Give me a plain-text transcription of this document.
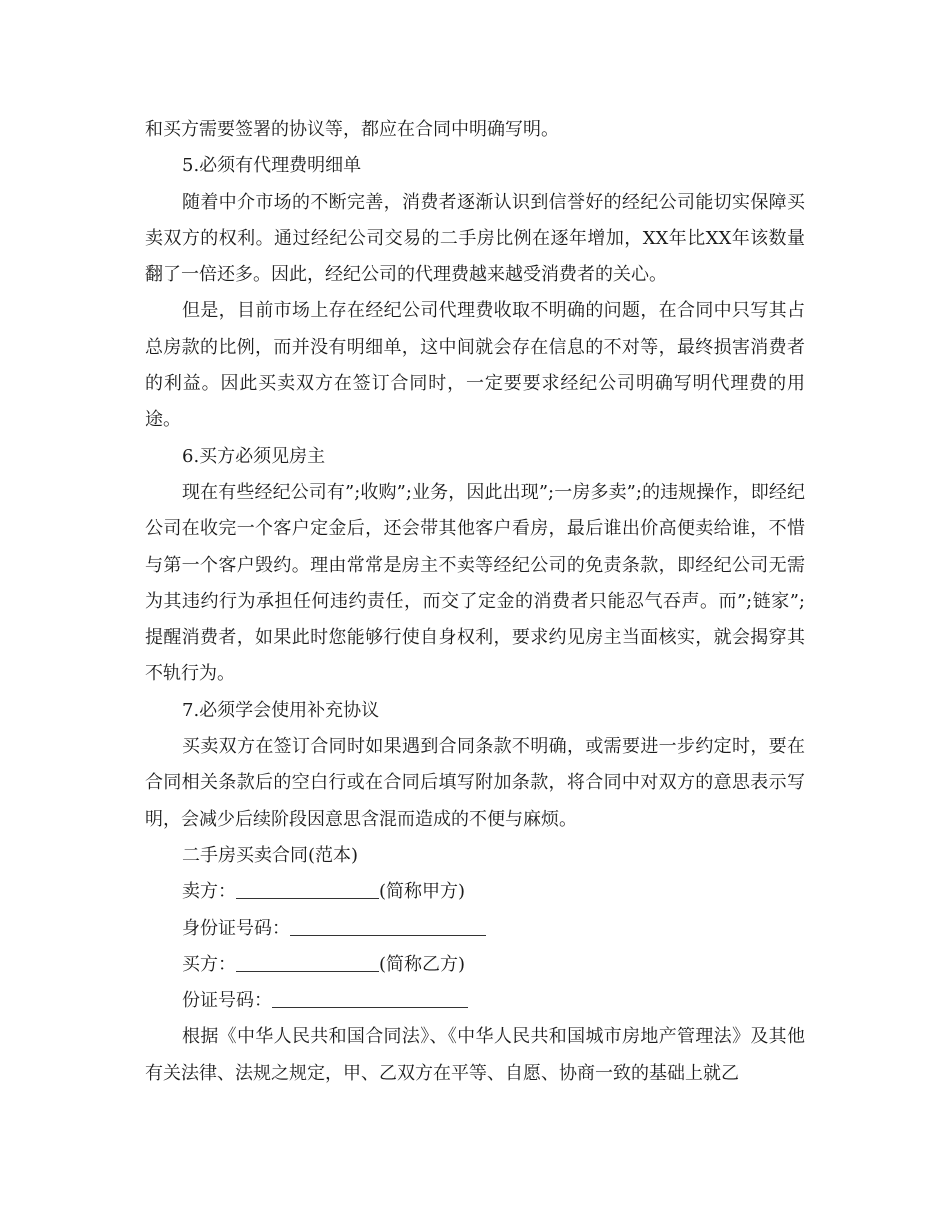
和买方需要签署的协议等，都应在合同中明确写明。

5.必须有代理费明细单

随着中介市场的不断完善，消费者逐渐认识到信誉好的经纪公司能切实保障买卖双方的权利。通过经纪公司交易的二手房比例在逐年增加，XX年比XX年该数量翻了一倍还多。因此，经纪公司的代理费越来越受消费者的关心。

但是，目前市场上存在经纪公司代理费收取不明确的问题，在合同中只写其占总房款的比例，而并没有明细单，这中间就会存在信息的不对等，最终损害消费者的利益。因此买卖双方在签订合同时，一定要要求经纪公司明确写明代理费的用途。

6.买方必须见房主

现在有些经纪公司有”;收购”;业务，因此出现”;一房多卖”;的违规操作，即经纪公司在收完一个客户定金后，还会带其他客户看房，最后谁出价高便卖给谁，不惜与第一个客户毁约。理由常常是房主不卖等经纪公司的免责条款，即经纪公司无需为其违约行为承担任何违约责任，而交了定金的消费者只能忍气吞声。而”;链家”;提醒消费者，如果此时您能够行使自身权利，要求约见房主当面核实，就会揭穿其不轨行为。

7.必须学会使用补充协议

买卖双方在签订合同时如果遇到合同条款不明确，或需要进一步约定时，要在合同相关条款后的空白行或在合同后填写附加条款，将合同中对双方的意思表示写明，会减少后续阶段因意思含混而造成的不便与麻烦。

二手房买卖合同(范本)

卖方：	(简称甲方)

身份证号码：

买方：	(简称乙方)

份证号码：

根据《中华人民共和国合同法》、《中华人民共和国城市房地产管理法》及其他有关法律、法规之规定，甲、乙双方在平等、自愿、协商一致的基础上就乙
